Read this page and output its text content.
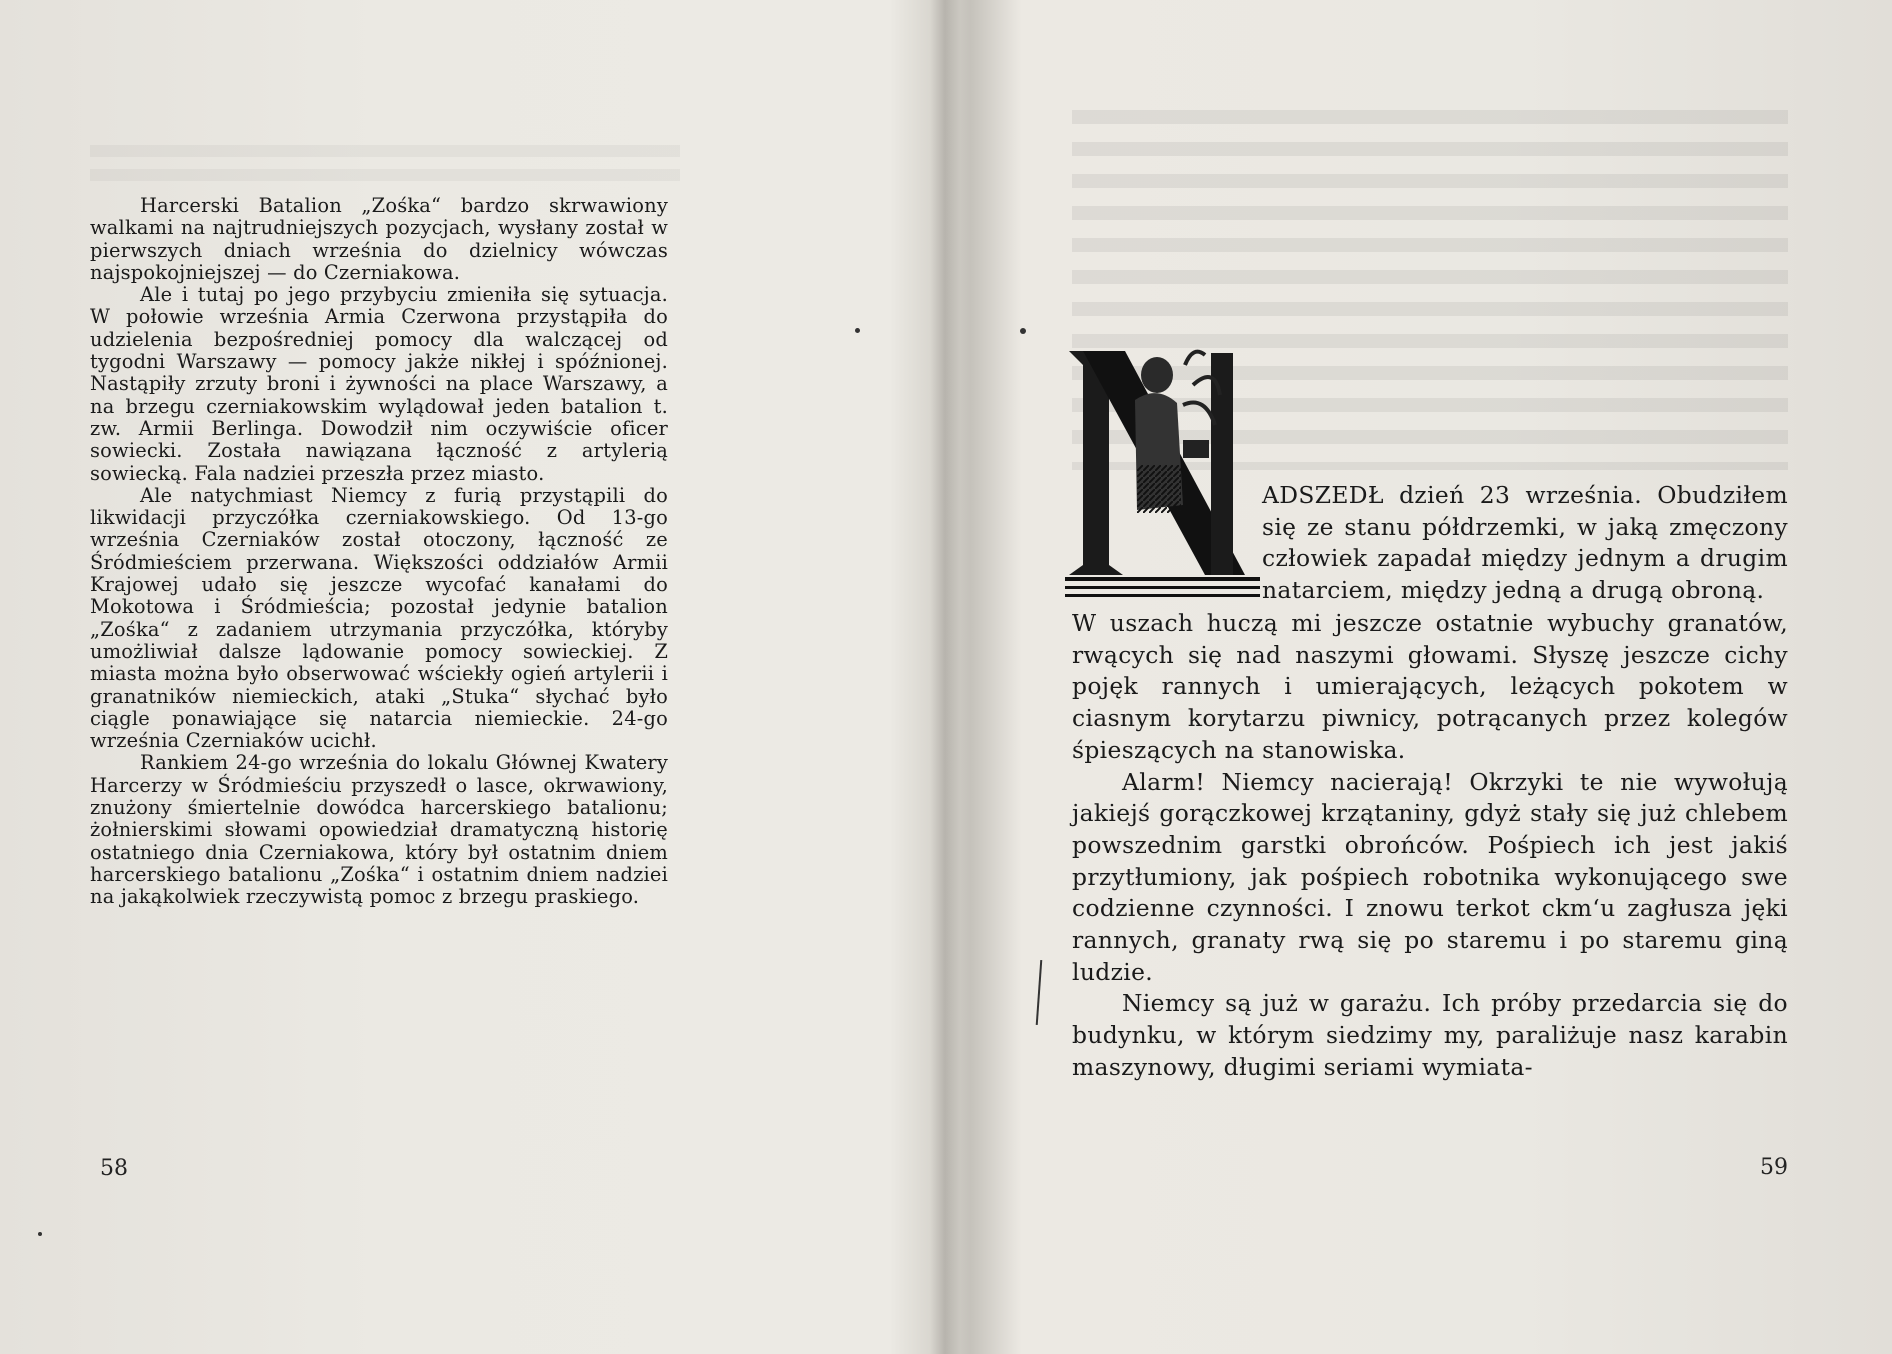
Harcerski Batalion „Zośka“ bardzo skrwawiony walkami na najtrudniejszych pozycjach, wysłany został w pierwszych dniach września do dzielnicy wówczas najspokojniejszej — do Czerniakowa.

Ale i tutaj po jego przybyciu zmieniła się sytuacja. W połowie września Armia Czerwona przystąpiła do udzielenia bezpośredniej pomocy dla walczącej od tygodni Warszawy — pomocy jakże nikłej i spóźnionej. Nastąpiły zrzuty broni i żywności na place Warszawy, a na brzegu czerniakowskim wylądował jeden batalion t. zw. Armii Berlinga. Dowodził nim oczywiście oficer sowiecki. Została nawiązana łączność z artylerią sowiecką. Fala nadziei przeszła przez miasto.

Ale natychmiast Niemcy z furią przystąpili do likwidacji przyczółka czerniakowskiego. Od 13-go września Czerniaków został otoczony, łączność ze Śródmieściem przerwana. Większości oddziałów Armii Krajowej udało się jeszcze wycofać kanałami do Mokotowa i Śródmieścia; pozostał jedynie batalion „Zośka“ z zadaniem utrzymania przyczółka, któryby umożliwiał dalsze lądowanie pomocy sowieckiej. Z miasta można było obserwować wściekły ogień artylerii i granatników niemieckich, ataki „Stuka“ słychać było ciągle ponawiające się natarcia niemieckie. 24-go września Czerniaków ucichł.

Rankiem 24-go września do lokalu Głównej Kwatery Harcerzy w Śródmieściu przyszedł o lasce, okrwawiony, znużony śmiertelnie dowódca harcerskiego batalionu; żołnierskimi słowami opowiedział dramatyczną historię ostatniego dnia Czerniakowa, który był ostatnim dniem harcerskiego batalionu „Zośka“ i ostatnim dniem nadziei na jakąkolwiek rzeczywistą pomoc z brzegu praskiego.

58
N
ADSZEDŁ dzień 23 września. Obudziłem się ze stanu półdrzemki, w jaką zmęczony człowiek zapadał między jednym a drugim natarciem, między jedną a drugą obroną.

W uszach huczą mi jeszcze ostatnie wybuchy granatów, rwących się nad naszymi głowami. Słyszę jeszcze cichy pojęk rannych i umierających, leżących pokotem w ciasnym korytarzu piwnicy, potrącanych przez kolegów śpieszących na stanowiska.

Alarm! Niemcy nacierają! Okrzyki te nie wywołują jakiejś gorączkowej krzątaniny, gdyż stały się już chlebem powszednim garstki obrońców. Pośpiech ich jest jakiś przytłumiony, jak pośpiech robotnika wykonującego swe codzienne czynności. I znowu terkot ckm‘u zagłusza jęki rannych, granaty rwą się po staremu i po staremu giną ludzie.

Niemcy są już w garażu. Ich próby przedarcia się do budynku, w którym siedzimy my, paraliżuje nasz karabin maszynowy, długimi seriami wymiata-

59
